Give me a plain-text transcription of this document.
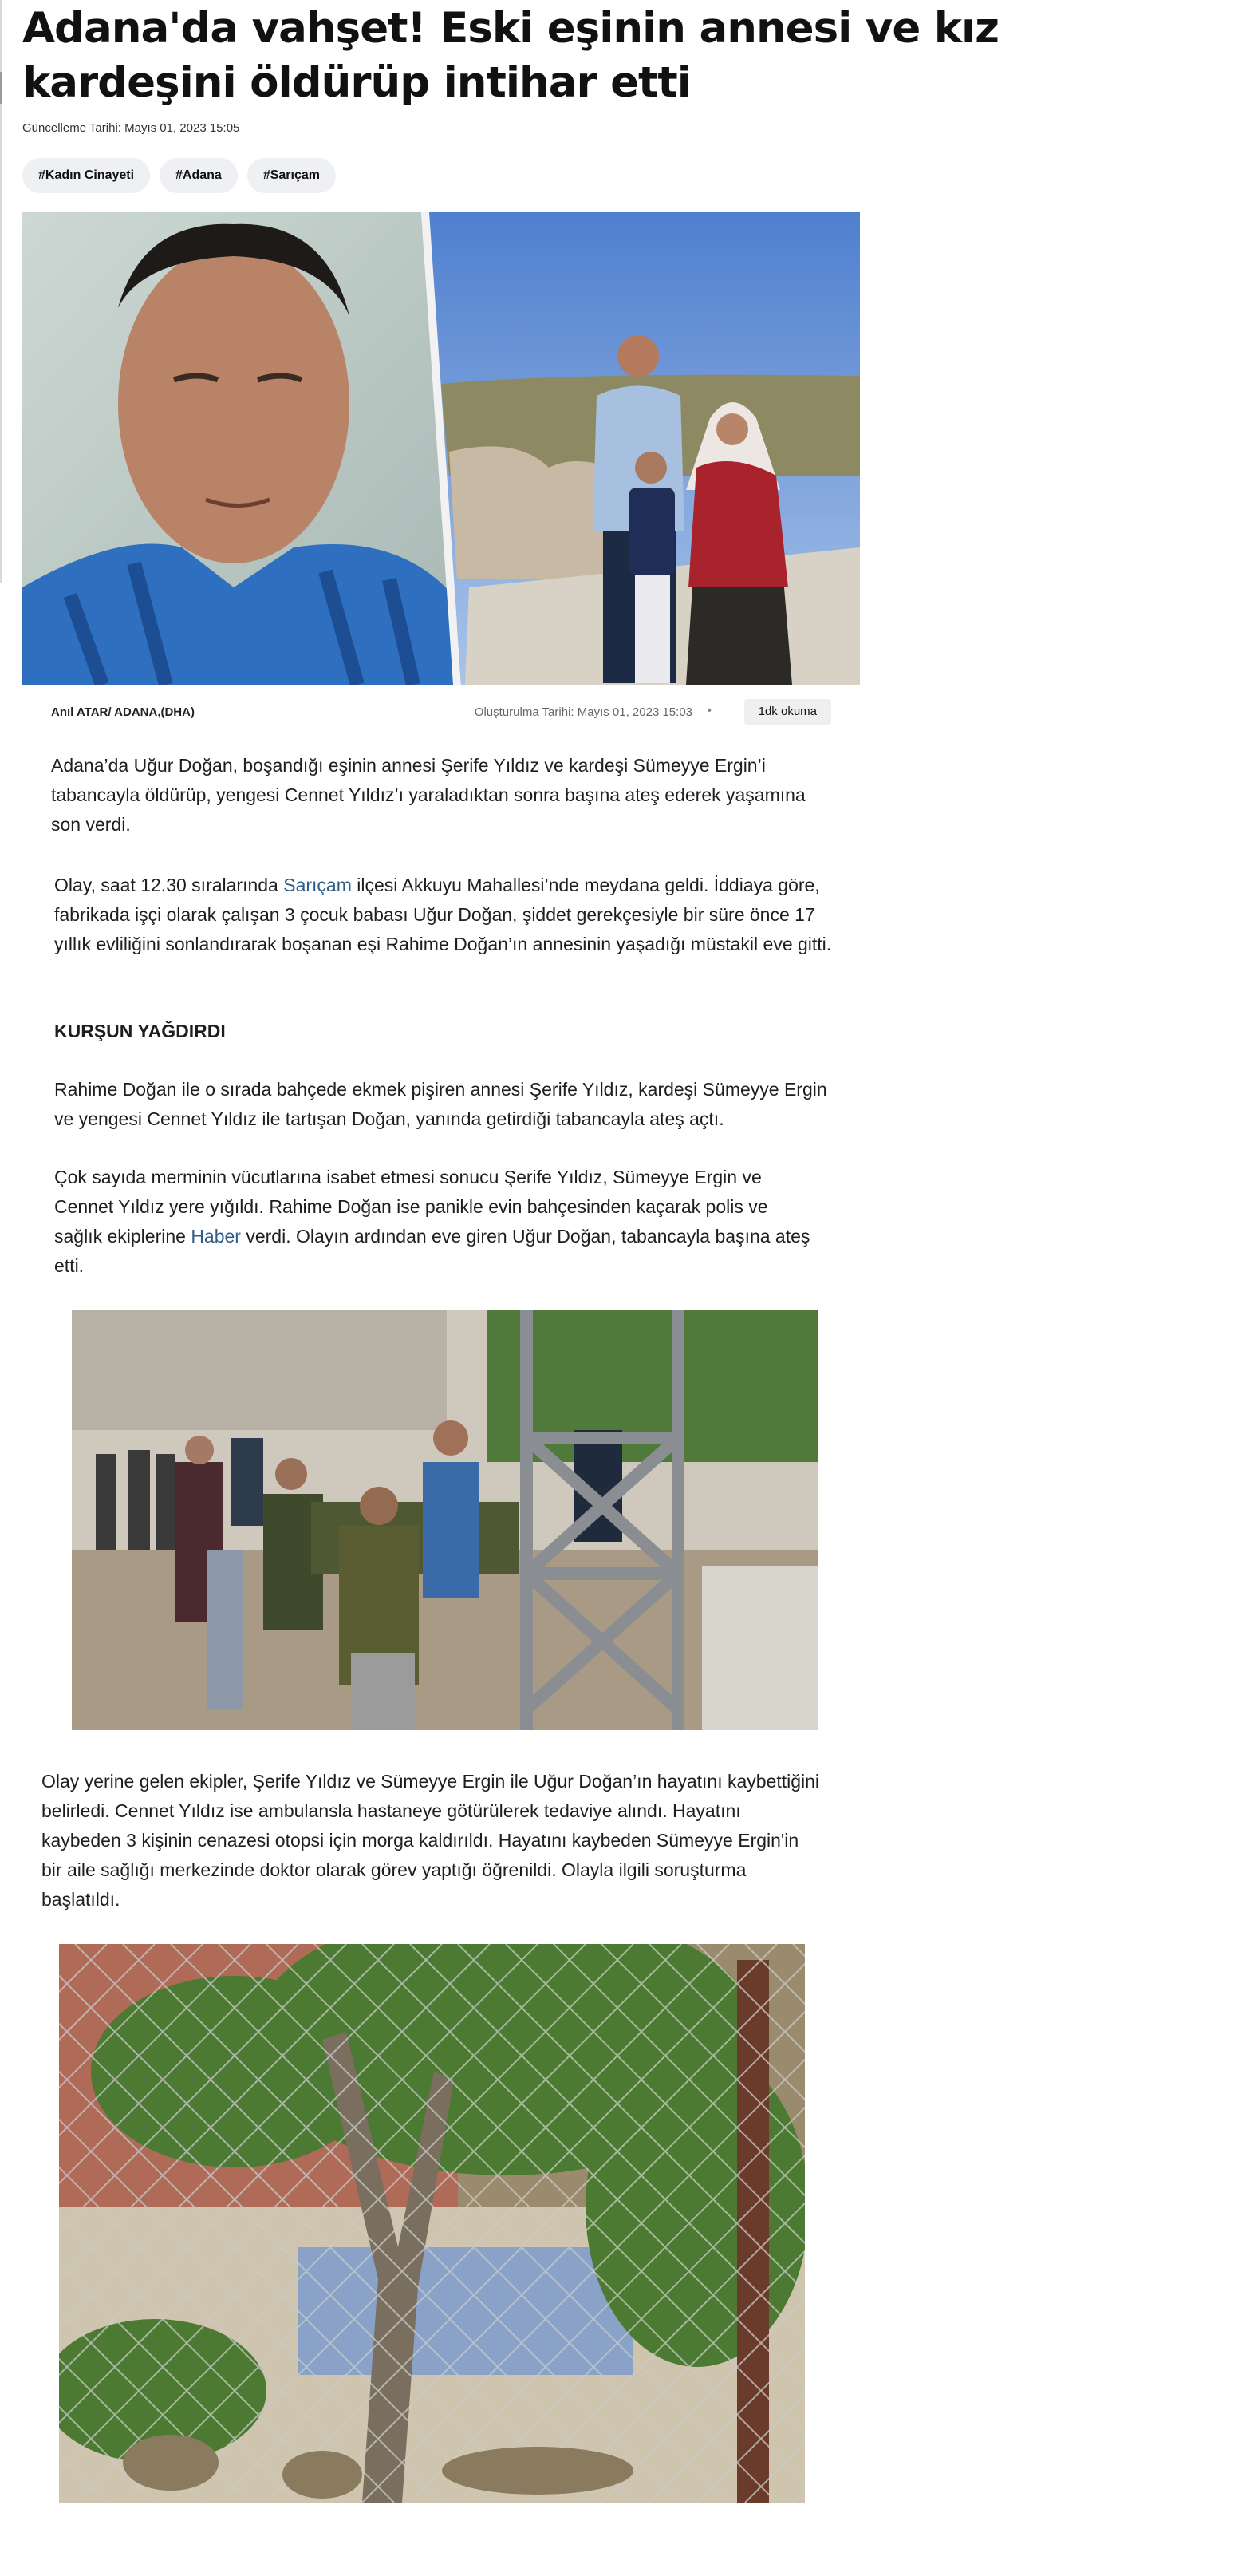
Adana'da vahşet! Eski eşinin annesi ve kız kardeşini öldürüp intihar etti
Güncelleme Tarihi: Mayıs 01, 2023 15:05
#Kadın Cinayeti	#Adana	#Sarıçam
Anıl ATAR/ ADANA,(DHA)	Oluşturulma Tarihi: Mayıs 01, 2023 15:03 •	1dk okuma

Adana’da Uğur Doğan, boşandığı eşinin annesi Şerife Yıldız ve kardeşi Sümeyye Ergin’i tabancayla öldürüp, yengesi Cennet Yıldız’ı yaraladıktan sonra başına ateş ederek yaşamına son verdi.

Olay, saat 12.30 sıralarında Sarıçam ilçesi Akkuyu Mahallesi’nde meydana geldi. İddiaya göre, fabrikada işçi olarak çalışan 3 çocuk babası Uğur Doğan, şiddet gerekçesiyle bir süre önce 17 yıllık evliliğini sonlandırarak boşanan eşi Rahime Doğan’ın annesinin yaşadığı müstakil eve gitti.

KURŞUN YAĞDIRDI

Rahime Doğan ile o sırada bahçede ekmek pişiren annesi Şerife Yıldız, kardeşi Sümeyye Ergin ve yengesi Cennet Yıldız ile tartışan Doğan, yanında getirdiği tabancayla ateş açtı.

Çok sayıda merminin vücutlarına isabet etmesi sonucu Şerife Yıldız, Sümeyye Ergin ve Cennet Yıldız yere yığıldı. Rahime Doğan ise panikle evin bahçesinden kaçarak polis ve sağlık ekiplerine Haber verdi. Olayın ardından eve giren Uğur Doğan, tabancayla başına ateş etti.

Olay yerine gelen ekipler, Şerife Yıldız ve Sümeyye Ergin ile Uğur Doğan’ın hayatını kaybettiğini belirledi. Cennet Yıldız ise ambulansla hastaneye götürülerek tedaviye alındı. Hayatını kaybeden 3 kişinin cenazesi otopsi için morga kaldırıldı. Hayatını kaybeden Sümeyye Ergin'in bir aile sağlığı merkezinde doktor olarak görev yaptığı öğrenildi. Olayla ilgili soruşturma başlatıldı.
